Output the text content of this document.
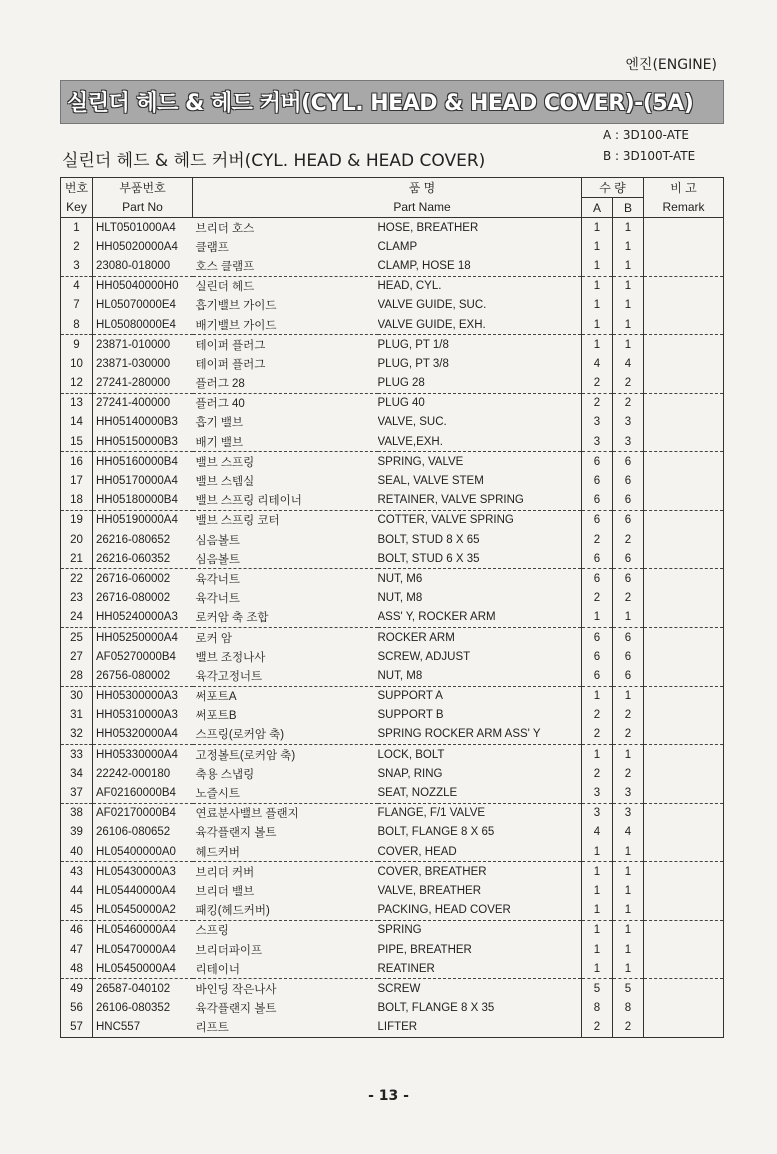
엔진(ENGINE)
실린더 헤드 & 헤드 커버(CYL. HEAD & HEAD COVER)-(5A)
A : 3D100-ATE
B : 3D100T-ATE
실린더 헤드 & 헤드 커버(CYL. HEAD & HEAD COVER)
번호	부품번호	품 명		수 량		비 고
Key	Part No	Part Name		A	B	Remark
1	HLT0501000A4	브리더 호스	HOSE, BREATHER	1	1	
2	HH05020000A4	클램프	CLAMP	1	1	
3	23080-018000	호스 클램프	CLAMP, HOSE 18	1	1	
4	HH05040000H0	실린더 헤드	HEAD, CYL.	1	1	
7	HL05070000E4	흡기밸브 가이드	VALVE GUIDE, SUC.	1	1	
8	HL05080000E4	배기밸브 가이드	VALVE GUIDE, EXH.	1	1	
9	23871-010000	테이퍼 플러그	PLUG, PT 1/8	1	1	
10	23871-030000	테이퍼 플러그	PLUG, PT 3/8	4	4	
12	27241-280000	플러그 28	PLUG 28	2	2	
13	27241-400000	플러그 40	PLUG 40	2	2	
14	HH05140000B3	흡기 밸브	VALVE, SUC.	3	3	
15	HH05150000B3	배기 밸브	VALVE,EXH.	3	3	
16	HH05160000B4	밸브 스프링	SPRING, VALVE	6	6	
17	HH05170000A4	밸브 스템실	SEAL, VALVE STEM	6	6	
18	HH05180000B4	밸브 스프링 리테이너	RETAINER, VALVE SPRING	6	6	
19	HH05190000A4	밸브 스프링 코터	COTTER, VALVE SPRING	6	6	
20	26216-080652	심음볼트	BOLT, STUD 8 X 65	2	2	
21	26216-060352	심음볼트	BOLT, STUD 6 X 35	6	6	
22	26716-060002	육각너트	NUT, M6	6	6	
23	26716-080002	육각너트	NUT, M8	2	2	
24	HH05240000A3	로커암 축 조합	ASS' Y, ROCKER ARM	1	1	
25	HH05250000A4	로커 암	ROCKER ARM	6	6	
27	AF05270000B4	밸브 조정나사	SCREW, ADJUST	6	6	
28	26756-080002	육각고정너트	NUT, M8	6	6	
30	HH05300000A3	써포트A	SUPPORT A	1	1	
31	HH05310000A3	써포트B	SUPPORT B	2	2	
32	HH05320000A4	스프링(로커암 축)	SPRING ROCKER ARM ASS' Y	2	2	
33	HH05330000A4	고정볼트(로커암 축)	LOCK, BOLT	1	1	
34	22242-000180	축용 스냅링	SNAP, RING	2	2	
37	AF02160000B4	노즐시트	SEAT, NOZZLE	3	3	
38	AF02170000B4	연료분사밸브 플랜지	FLANGE, F/1 VALVE	3	3	
39	26106-080652	육각플랜지 볼트	BOLT, FLANGE 8 X 65	4	4	
40	HL05400000A0	헤드커버	COVER, HEAD	1	1	
43	HL05430000A3	브리더 커버	COVER, BREATHER	1	1	
44	HL05440000A4	브리더 밸브	VALVE, BREATHER	1	1	
45	HL05450000A2	패킹(헤드커버)	PACKING, HEAD COVER	1	1	
46	HL05460000A4	스프링	SPRING	1	1	
47	HL05470000A4	브리더파이프	PIPE, BREATHER	1	1	
48	HL05450000A4	리테이너	REATINER	1	1	
49	26587-040102	바인딩 작은나사	SCREW	5	5	
56	26106-080352	육각플랜지 볼트	BOLT, FLANGE 8 X 35	8	8	
57	HNC557	리프트	LIFTER	2	2	
- 13 -
